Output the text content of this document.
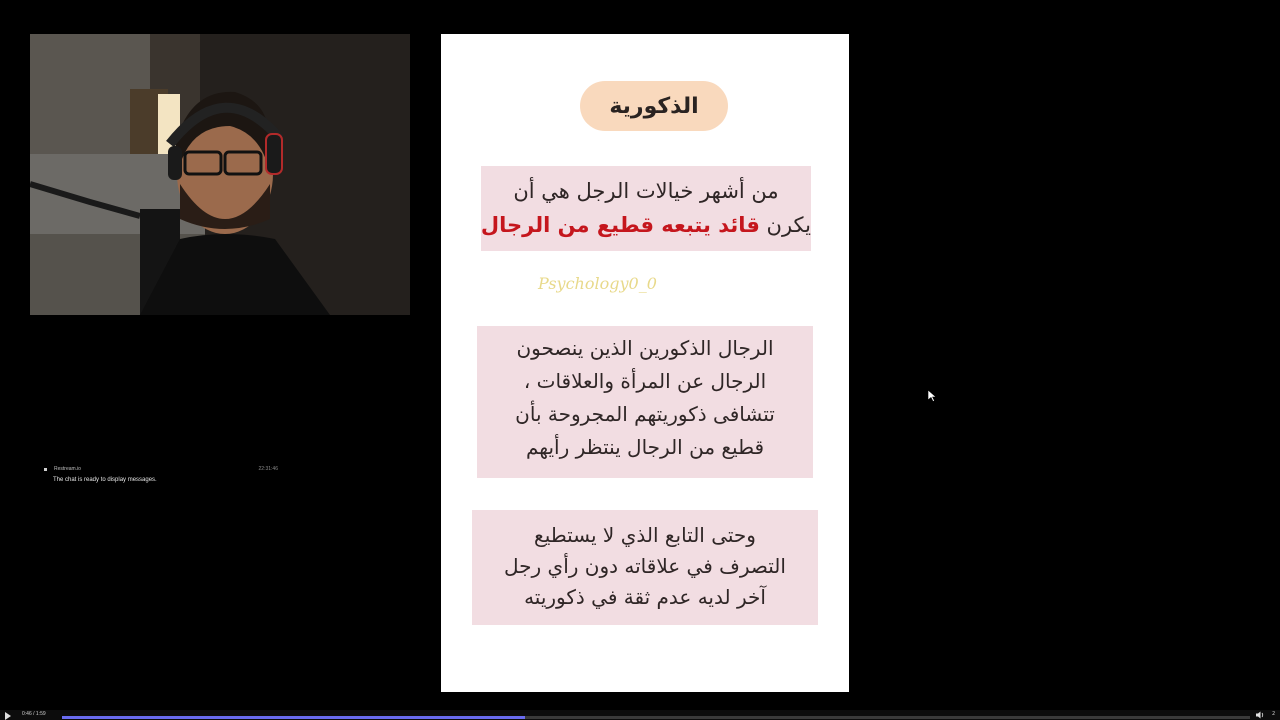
Restream.io	22:31:46
The chat is ready to display messages.
الذكورية
من أشهر خيالات الرجل هي أن
يكرن قائد يتبعه قطيع من الرجال
Psychology0_0
الرجال الذكورين الذين ينصحون
الرجال عن المرأة والعلاقات ،
تتشافى ذكوريتهم المجروحة بأن
قطيع من الرجال ينتظر رأيهم
وحتى التابع الذي لا يستطيع
التصرف في علاقاته دون رأي رجل
آخر لديه عدم ثقة في ذكوريته
0:46 / 1:59	2
